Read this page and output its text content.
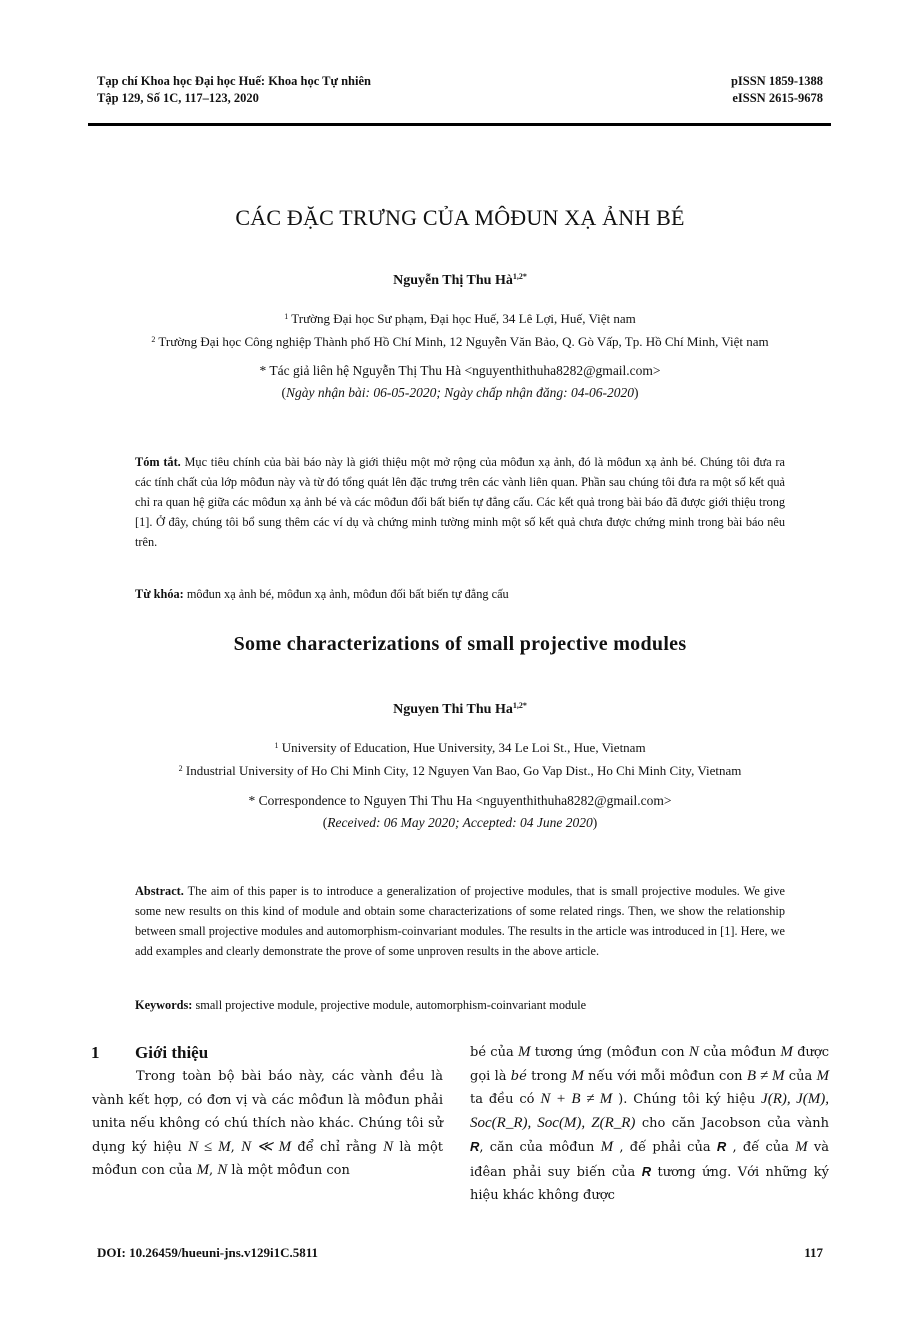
Tạp chí Khoa học Đại học Huế: Khoa học Tự nhiên
Tập 129, Số 1C, 117–123, 2020
pISSN 1859-1388
eISSN 2615-9678
CÁC ĐẶC TRƯNG CỦA MÔĐUN XẠ ẢNH BÉ
Nguyễn Thị Thu $Hà^{1,2*}$
$^1$ Trường Đại học Sư phạm, Đại học Huế, 34 Lê Lợi, Huế, Việt nam
$^2$ Trường Đại học Công nghiệp Thành phố Hồ Chí Minh, 12 Nguyễn Văn Bảo, Q. Gò Vấp, Tp. Hồ Chí Minh, Việt nam
* Tác giả liên hệ Nguyễn Thị Thu Hà <nguyenthithuha8282@gmail.com>
(Ngày nhận bài: 06-05-2020; Ngày chấp nhận đăng: 04-06-2020)
Tóm tắt. Mục tiêu chính của bài báo này là giới thiệu một mở rộng của môđun xạ ảnh, đó là môđun xạ ảnh bé. Chúng tôi đưa ra các tính chất của lớp môđun này và từ đó tổng quát lên đặc trưng trên các vành liên quan. Phần sau chúng tôi đưa ra một số kết quả chỉ ra quan hệ giữa các môđun xạ ảnh bé và các môđun đối bất biến tự đẳng cấu. Các kết quả trong bài báo đã được giới thiệu trong [1]. Ở đây, chúng tôi bổ sung thêm các ví dụ và chứng minh tường minh một số kết quả chưa được chứng minh trong bài báo nêu trên.
Từ khóa: môđun xạ ảnh bé, môđun xạ ảnh, môđun đối bất biến tự đẳng cấu
Some characterizations of small projective modules
Nguyen Thi Thu $Ha^{1,2*}$
$^1$ University of Education, Hue University, 34 Le Loi St., Hue, Vietnam
$^2$ Industrial University of Ho Chi Minh City, 12 Nguyen Van Bao, Go Vap Dist., Ho Chi Minh City, Vietnam
* Correspondence to Nguyen Thi Thu Ha <nguyenthithuha8282@gmail.com>
(Received: 06 May 2020; Accepted: 04 June 2020)
Abstract. The aim of this paper is to introduce a generalization of projective modules, that is small projective modules. We give some new results on this kind of module and obtain some characterizations of some related rings. Then, we show the relationship between small projective modules and automorphism-coinvariant modules. The results in the article was introduced in [1]. Here, we add examples and clearly demonstrate the prove of some unproven results in the above article.
Keywords: small projective module, projective module, automorphism-coinvariant module
1 Giới thiệu
Trong toàn bộ bài báo này, các vành đều là vành kết hợp, có đơn vị và các môđun là môđun phải unita nếu không có chú thích nào khác. Chúng tôi sử dụng ký hiệu N ≤ M, N ≪ M để chỉ rằng N là một môđun con của M, N là một môđun con
bé của M tương ứng (môđun con N của môđun M được gọi là bé trong M nếu với mỗi môđun con B ≠ M của M ta đều có N + B ≠ M ). Chúng tôi ký hiệu J(R), J(M), Soc(R_R), Soc(M), Z(R_R) cho căn Jacobson của vành R, căn của môđun M , đế phải của R , đế của M và iđêan phải suy biến của R tương ứng. Với những ký hiệu khác không được
DOI: 10.26459/hueuni-jns.v129i1C.5811	117
